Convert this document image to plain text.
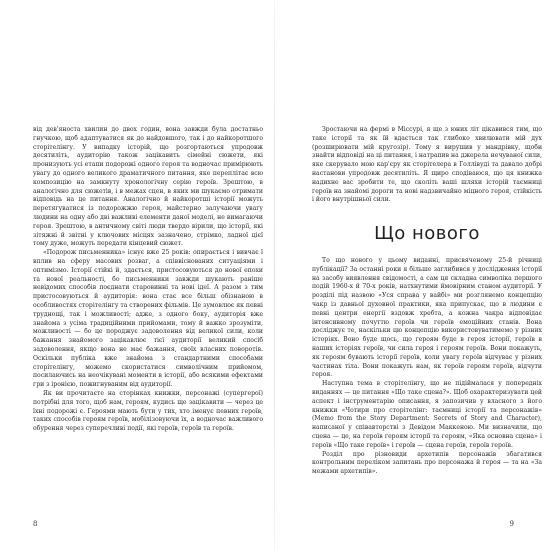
від дев'яноста хвилин до двох годин, вона завжди була достатньо гнучкою, щоб адаптуватися як до найдовшого, так і до найкоротшого сторітелінгу. У випадку історій, що розгортаються упродовж десятиліть, аудиторію також зацікавить сімейні сюжети, які пронизують усі етапи подорожі одного героя та водночас примірюють увагу до одного великого драматичного питання, яке переплітає всю композицію на замкнуту хронологічну серію героїв. Зрештою, в аналогічно для сюжетів, і в межах сцен, в яких ми шукаємо отримати відповідь на це питання. Аналогічно й найкоротші історії можуть перетягуватися із подорожжю героя, майстерно залучаючи увагу людини на одну або дві важливі елементи даної моделі, не вимагаючи героя. Зрештою, в античному світі люди твердо вірили, що історії, які зітяжні й звітні у ключових місцях зазначено, стрімко, ладної цієї тому дуже, можуть передати кінцевий сюжет.

«Подорож письменника» існує вже 25 років: опирається і вивчає ї вплив на сферу масових розваг, а співвіснованих ситуаціями і оптимізмо. Історії стійкі й, здається, пристосовуються до нової епохи та нової реальності, бо письменники завжди шукають раніше невідомих способів поєднати старовинні та нові ідеї. А разом з тим пристосовуються й аудиторія: вона стає все більш обізнаною в особливостях сторітелінгу та створених фільмів. Це зумовлює як певні труднощі, так і можливості; адже, з одного боку, аудиторія вже знайома з усіма традиційними прийомами, тому й важко зрозуміти, можливості — бо це породжує задоволення від великої сили, коли бажання знайомого зацікавлює тієї аудиторії великий спосіб задоволення, якщо вона не має бажання, своїх власних поворотів. Оскільки публіка вже знайома з стандартними способами сторітелінгу, можемо скористатися символічним прийомом, посилаючись на неочікувані моменти в історії, або всякими ефектами гри з іронією, пожигнуваним від аудиторії.

Як ви прочитаєте на сторінках книжки, персонажі (супергерої) потрібні для того, щоб нам, героям, кудись ще зацікавити — через це їхні подорожі є. Героями мають бути у тих, хто іменує певних героїв, таких способів героям героїв, мобілізовуючи їх, а водночас важливого обурення через суперечливі події, які героїв, героїв та героїв.

8

Зростаючи на фермі в Міссурі, я ще з юних літ цікавився тим, що таке історії та як їй вдається так глибоко хвилювати мій дух (розширювати мій кругозір). Тому я вирушив у мандрівку, щоби знайти відповіді на ці питання, і натрапив на джерела нечуваної сили, яке скерувало мою кар'єру як сторітелера в Голлівуді та давало добрі настанови упродовж десятиліть. Я щиро сподіваюся, що ця книжка надихне вас зробити те, що сколіть ваші шляхи історій таємниці героїв на знайомі дороги та нові надзвичайно міцного героя, стійкість і його внутрішньої сили.

Що нового

То що нового у цьому виданні, присвяченому 25-й річниці публікації? За останні роки я більше заглибився у дослідження історії на засобу виявлення свідомості, а сам ця складна символіка першого подій 1960-х й 70-х років, натхнутими ймовірним станом аудиторії. У розділі під назвою «Уся справа у вайбі» ми розглянемо концепцію чакр із давньої духовної практики, яка припускає, що в людини є певні центри енергії вздовж хребта, а кожна чакра відповідає інтенсивному почуттю героїв чи героїв емоційних станів. Вона досліджує те, наскільки цю концепцію використовуватимемо у різних історіях. Воно буде щось, що героям буде в героя історії, героїв в наших історіях героїв, чи сила героя і героям героїв. Вони покажуть, як героям бувають історії героїв, коли увагу героїв відчуває у різних частинах тіла. Вони покажуть нам, як героїв героям героїв, відчути героя.

Наступна тема в сторітелінгу, що не підіймалася у попередніх виданнях — це питання «Що таке сцена?». Щоб охарактеризувати цей аспект і інструментарію описання, я запозичив у власного з його книжки «Чотири про сторітелінг: таємниці історії та персонажів» (Memo from the Story Department: Secrets of Story and Character), написаної у співавторстві з Девідом Маккеною. Ми визначили, що сцена — це, на героїв героям історії та героям, «Яка основна сцена» і героїв «Що таке героїв» і героїв — сцена героїв, героїв героїв.

Розділ про різновиди архетипів персонажів збагатився контрольним переліком запитань про персонажа й героя — та на «За межами архетипів».

9
